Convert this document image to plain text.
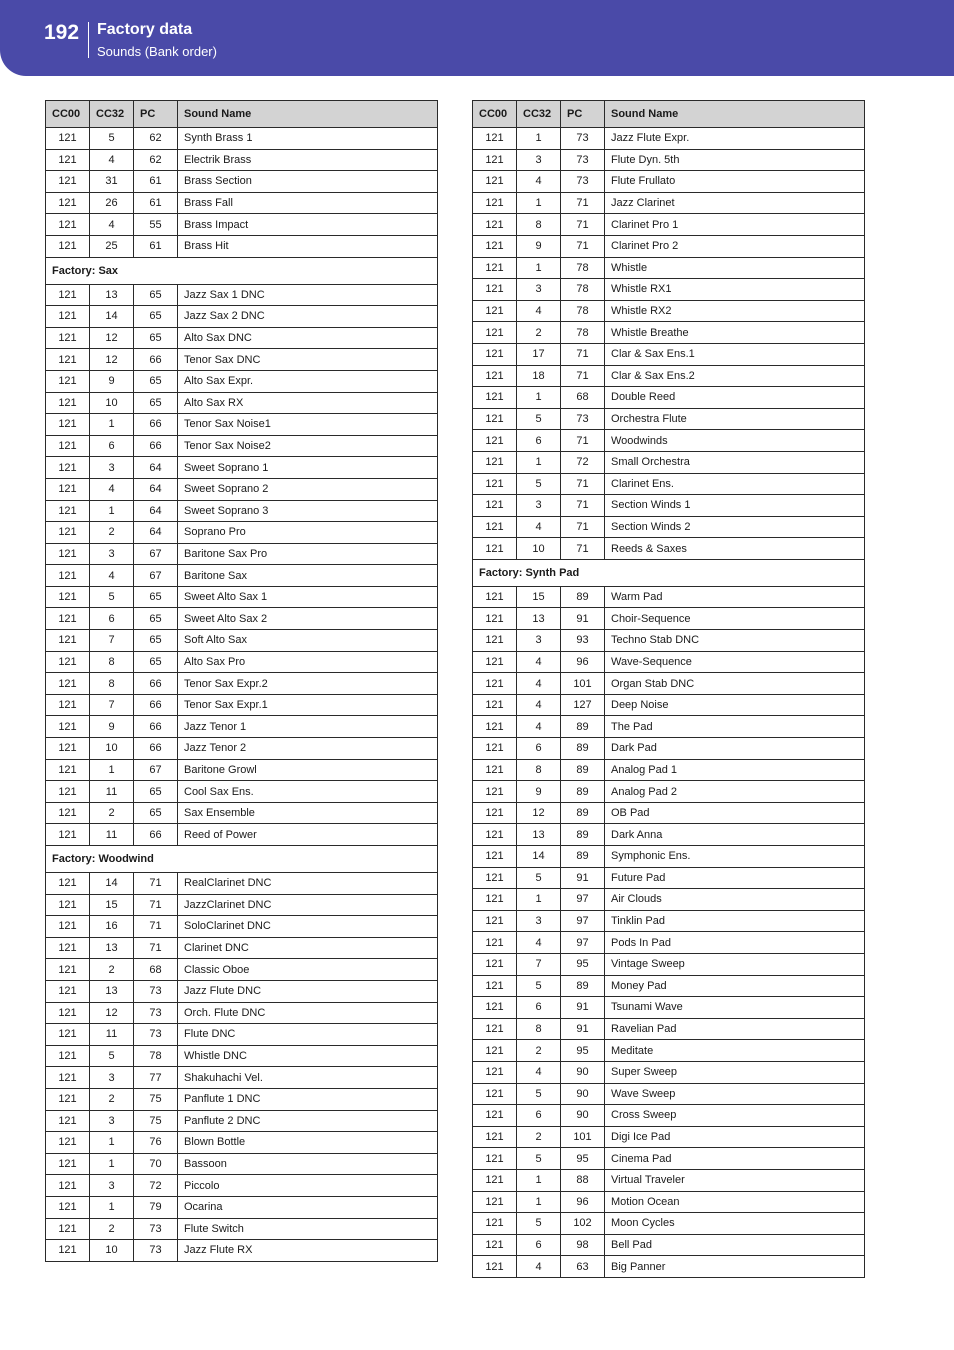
192 Factory data
Sounds (Bank order)
CC00	CC32	PC	Sound Name
121	5	62	Synth Brass 1
121	4	62	Electrik Brass
121	31	61	Brass Section
121	26	61	Brass Fall
121	4	55	Brass Impact
121	25	61	Brass Hit
Factory: Sax			
121	13	65	Jazz Sax 1 DNC
121	14	65	Jazz Sax 2 DNC
121	12	65	Alto Sax DNC
121	12	66	Tenor Sax DNC
121	9	65	Alto Sax Expr.
121	10	65	Alto Sax RX
121	1	66	Tenor Sax Noise1
121	6	66	Tenor Sax Noise2
121	3	64	Sweet Soprano 1
121	4	64	Sweet Soprano 2
121	1	64	Sweet Soprano 3
121	2	64	Soprano Pro
121	3	67	Baritone Sax Pro
121	4	67	Baritone Sax
121	5	65	Sweet Alto Sax 1
121	6	65	Sweet Alto Sax 2
121	7	65	Soft Alto Sax
121	8	65	Alto Sax Pro
121	8	66	Tenor Sax Expr.2
121	7	66	Tenor Sax Expr.1
121	9	66	Jazz Tenor 1
121	10	66	Jazz Tenor 2
121	1	67	Baritone Growl
121	11	65	Cool Sax Ens.
121	2	65	Sax Ensemble
121	11	66	Reed of Power
Factory: Woodwind			
121	14	71	RealClarinet DNC
121	15	71	JazzClarinet DNC
121	16	71	SoloClarinet DNC
121	13	71	Clarinet DNC
121	2	68	Classic Oboe
121	13	73	Jazz Flute DNC
121	12	73	Orch. Flute DNC
121	11	73	Flute DNC
121	5	78	Whistle DNC
121	3	77	Shakuhachi Vel.
121	2	75	Panflute 1 DNC
121	3	75	Panflute 2 DNC
121	1	76	Blown Bottle
121	1	70	Bassoon
121	3	72	Piccolo
121	1	79	Ocarina
121	2	73	Flute Switch
121	10	73	Jazz Flute RX
CC00	CC32	PC	Sound Name
121	1	73	Jazz Flute Expr.
121	3	73	Flute Dyn. 5th
121	4	73	Flute Frullato
121	1	71	Jazz Clarinet
121	8	71	Clarinet Pro 1
121	9	71	Clarinet Pro 2
121	1	78	Whistle
121	3	78	Whistle RX1
121	4	78	Whistle RX2
121	2	78	Whistle Breathe
121	17	71	Clar & Sax Ens.1
121	18	71	Clar & Sax Ens.2
121	1	68	Double Reed
121	5	73	Orchestra Flute
121	6	71	Woodwinds
121	1	72	Small Orchestra
121	5	71	Clarinet Ens.
121	3	71	Section Winds 1
121	4	71	Section Winds 2
121	10	71	Reeds & Saxes
Factory: Synth Pad			
121	15	89	Warm Pad
121	13	91	Choir-Sequence
121	3	93	Techno Stab DNC
121	4	96	Wave-Sequence
121	4	101	Organ Stab DNC
121	4	127	Deep Noise
121	4	89	The Pad
121	6	89	Dark Pad
121	8	89	Analog Pad 1
121	9	89	Analog Pad 2
121	12	89	OB Pad
121	13	89	Dark Anna
121	14	89	Symphonic Ens.
121	5	91	Future Pad
121	1	97	Air Clouds
121	3	97	Tinklin Pad
121	4	97	Pods In Pad
121	7	95	Vintage Sweep
121	5	89	Money Pad
121	6	91	Tsunami Wave
121	8	91	Ravelian Pad
121	2	95	Meditate
121	4	90	Super Sweep
121	5	90	Wave Sweep
121	6	90	Cross Sweep
121	2	101	Digi Ice Pad
121	5	95	Cinema Pad
121	1	88	Virtual Traveler
121	1	96	Motion Ocean
121	5	102	Moon Cycles
121	6	98	Bell Pad
121	4	63	Big Panner
